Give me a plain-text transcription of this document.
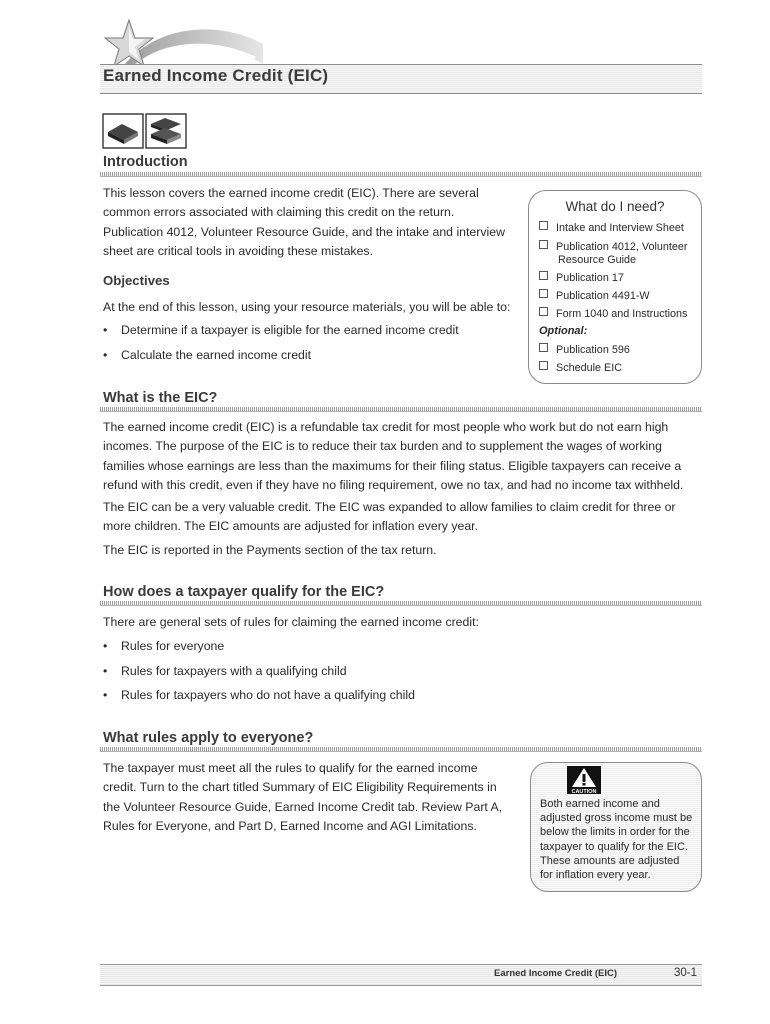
Earned Income Credit (EIC)
Introduction
This lesson covers the earned income credit (EIC). There are several
common errors associated with claiming this credit on the return.
Publication 4012, Volunteer Resource Guide, and the intake and interview
sheet are critical tools in avoiding these mistakes.
Objectives
At the end of this lesson, using your resource materials, you will be able to:
• Determine if a taxpayer is eligible for the earned income credit
• Calculate the earned income credit
What do I need?
Intake and Interview Sheet
Publication 4012, Volunteer
Resource Guide
Publication 17
Publication 4491-W
Form 1040 and Instructions
Optional:
Publication 596
Schedule EIC
What is the EIC?
The earned income credit (EIC) is a refundable tax credit for most people who work but do not earn high
incomes. The purpose of the EIC is to reduce their tax burden and to supplement the wages of working
families whose earnings are less than the maximums for their filing status. Eligible taxpayers can receive a
refund with this credit, even if they have no filing requirement, owe no tax, and had no income tax withheld.
The EIC can be a very valuable credit. The EIC was expanded to allow families to claim credit for three or
more children. The EIC amounts are adjusted for inflation every year.
The EIC is reported in the Payments section of the tax return.
How does a taxpayer qualify for the EIC?
There are general sets of rules for claiming the earned income credit:
• Rules for everyone
• Rules for taxpayers with a qualifying child
• Rules for taxpayers who do not have a qualifying child
What rules apply to everyone?
The taxpayer must meet all the rules to qualify for the earned income
credit. Turn to the chart titled Summary of EIC Eligibility Requirements in
the Volunteer Resource Guide, Earned Income Credit tab. Review Part A,
Rules for Everyone, and Part D, Earned Income and AGI Limitations.
CAUTION
Both earned income and
adjusted gross income must be
below the limits in order for the
taxpayer to qualify for the EIC.
These amounts are adjusted
for inflation every year.
Earned Income Credit (EIC)	30-1
